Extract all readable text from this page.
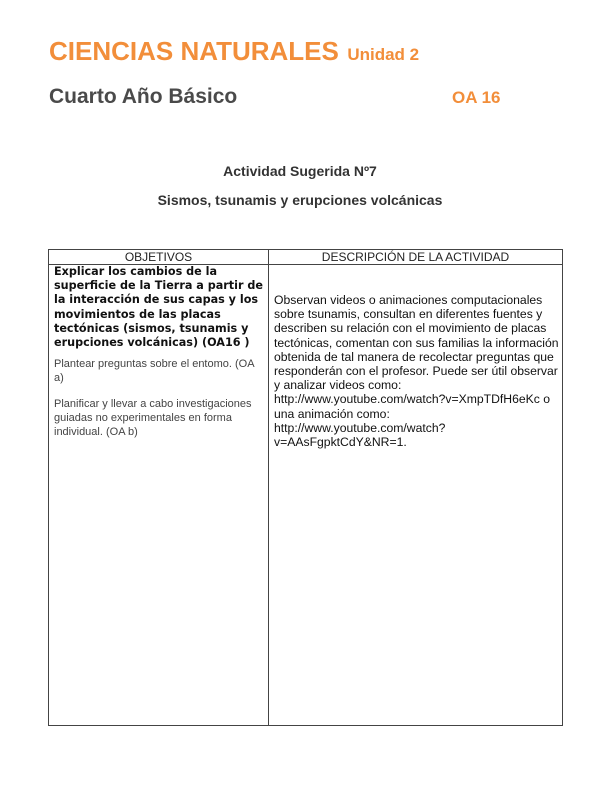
CIENCIAS NATURALES Unidad 2
Cuarto Año Básico	OA 16
Actividad Sugerida Nº7
Sismos, tsunamis y erupciones volcánicas
OBJETIVOS	DESCRIPCIÓN DE LA ACTIVIDAD
Explicar los cambios de la superficie de la Tierra a partir de la interacción de sus capas y los movimientos de las placas tectónicas (sismos, tsunamis y erupciones volcánicas) (OA16 )
Plantear preguntas sobre el entomo. (OA a)
Planificar y llevar a cabo investigaciones guiadas no experimentales en forma individual. (OA b)
Observan videos o animaciones computacionales sobre tsunamis, consultan en diferentes fuentes y describen su relación con el movimiento de placas tectónicas, comentan con sus familias la información obtenida de tal manera de recolectar preguntas que responderán con el profesor. Puede ser útil observar y analizar videos como: http://www.youtube.com/watch?v=XmpTDfH6eKc o una animación como: http://www.youtube.com/watch? v=AAsFgpktCdY&NR=1.
